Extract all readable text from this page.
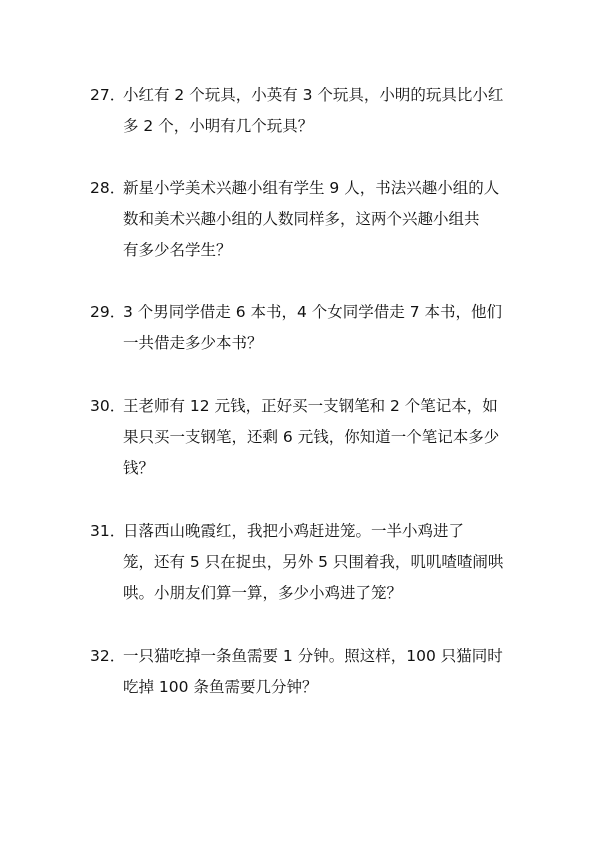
27．小红有 2 个玩具，小英有 3 个玩具，小明的玩具比小红
多 2 个，小明有几个玩具？
28．新星小学美术兴趣小组有学生 9 人，书法兴趣小组的人
数和美术兴趣小组的人数同样多，这两个兴趣小组共
有多少名学生？
29．3 个男同学借走 6 本书，4 个女同学借走 7 本书，他们
一共借走多少本书？
30．王老师有 12 元钱，正好买一支钢笔和 2 个笔记本，如
果只买一支钢笔，还剩 6 元钱，你知道一个笔记本多少
钱？
31．日落西山晚霞红，我把小鸡赶进笼。一半小鸡进了
笼，还有 5 只在捉虫，另外 5 只围着我，叽叽喳喳闹哄
哄。小朋友们算一算，多少小鸡进了笼？
32．一只猫吃掉一条鱼需要 1 分钟。照这样，100 只猫同时
吃掉 100 条鱼需要几分钟？
